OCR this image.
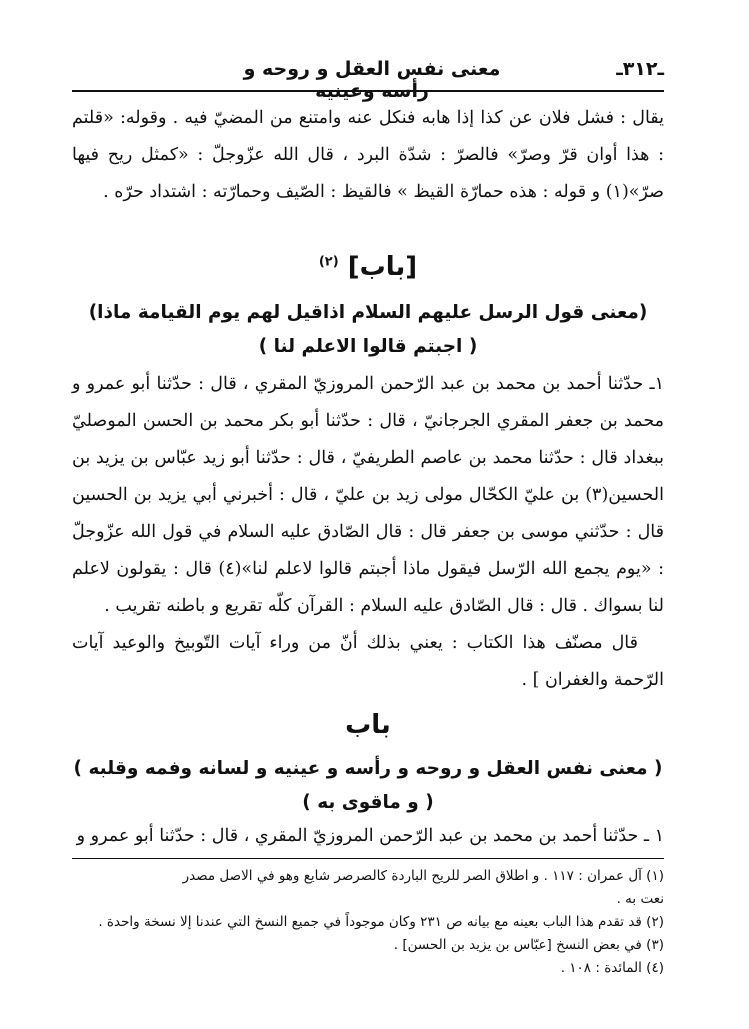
ـ٣١٢ـ
معنى نفس العقل و روحه و رأسه وعينيه
يقال : فشل فلان عن كذا إذا هابه فنكل عنه وامتنع من المضيّ فيه . وقوله: «قلتم : هذا أوان قرّ وصرّ» فالصرّ : شدّة البرد ، قال الله عزّوجلّ : «كمثل ريح فيها صرّ»(١) و قوله : هذه حمارّة القيظ » فالقيظ : الصّيف وحمارّته : اشتداد حرّه .
[باب] $^{(٢)}$
(معنى قول الرسل عليهم السلام اذاقيل لهم يوم القيامة ماذا)
( اجبتم قالوا الاعلم لنا )
١ـ حدّثنا أحمد بن محمد بن عبد الرّحمن المروزيّ المقري ، قال : حدّثنا أبو عمرو و محمد بن جعفر المقري الجرجانيّ ، قال : حدّثنا أبو بكر محمد بن الحسن الموصليّ ببغداد قال : حدّثنا محمد بن عاصم الطريفيّ ، قال : حدّثنا أبو زيد عبّاس بن يزيد بن الحسين(٣) بن عليّ الكحّال مولى زيد بن عليّ ، قال : أخبرني أبي يزيد بن الحسين قال : حدّثني موسى بن جعفر قال : قال الصّادق عليه السلام في قول الله عزّوجلّ : «يوم يجمع الله الرّسل فيقول ماذا أجبتم قالوا لاعلم لنا»(٤) قال : يقولون لاعلم لنا بسواك . قال : قال الصّادق عليه السلام : القرآن كلّه تقريع و باطنه تقريب .
قال مصنّف هذا الكتاب : يعني بذلك أنّ من وراء آيات التّوبيخ والوعيد آيات الرّحمة والغفران ] .
باب
( معنى نفس العقل و روحه و رأسه و عينيه و لسانه وفمه وقلبه )
( و ماقوى به )
١ ـ حدّثنا أحمد بن محمد بن عبد الرّحمن المروزيّ المقري ، قال : حدّثنا أبو عمرو و
(١) آل عمران : ١١٧ . و اطلاق الصر للريح الباردة كالصرصر شايع وهو في الاصل مصدر
نعت به .
(٢) قد تقدم هذا الباب بعينه مع بيانه ص ٢٣١ وكان موجوداً في جميع النسخ التي عندنا إلا نسخة واحدة .
(٣) في بعض النسخ [عبّاس بن يزيد بن الحسن] .
(٤) المائدة : ١٠٨ .
